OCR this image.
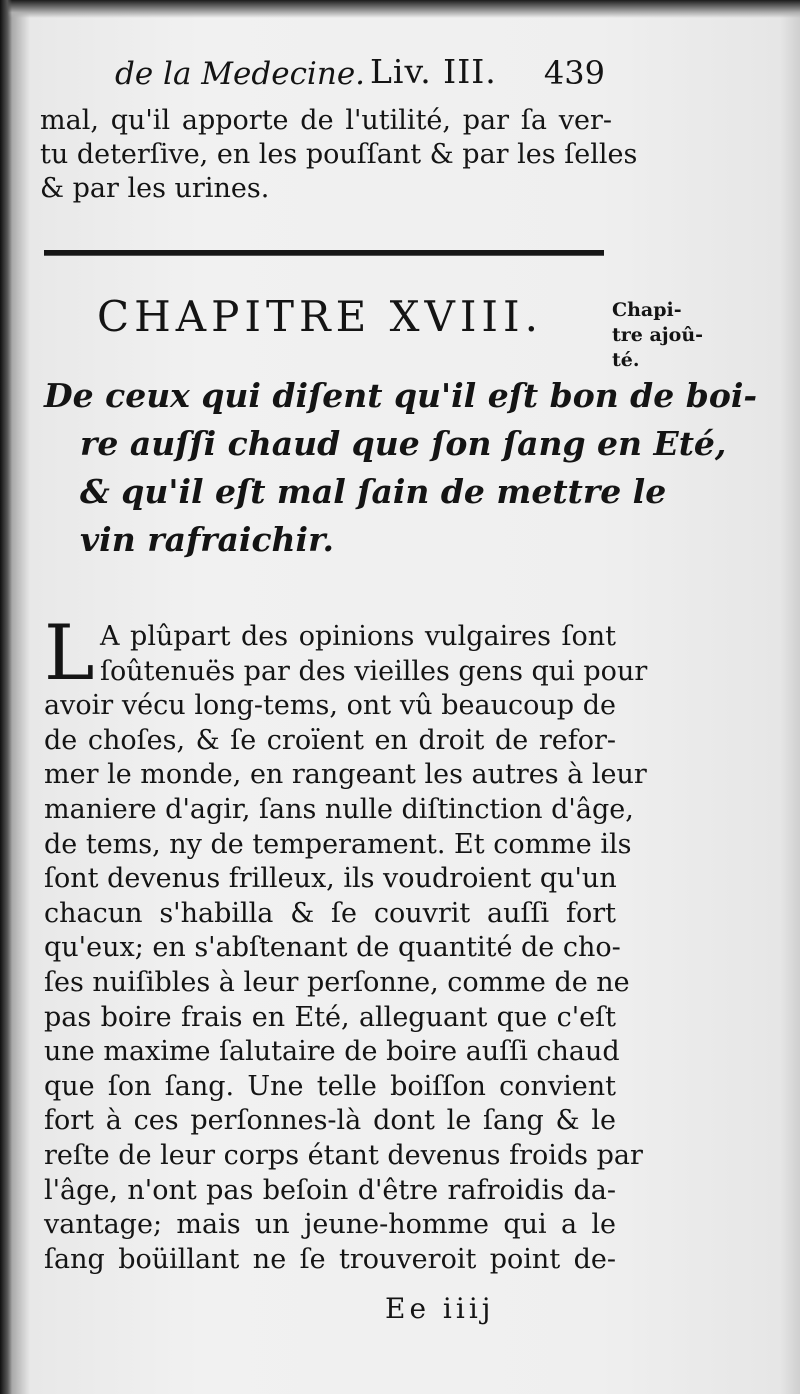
de la Medecine. Liv. III. 439
mal, qu'il apporte de l'utilité, par ſa ver-
tu deterſive, en les pouſſant & par les ſelles
& par les urines.
CHAPITRE XVIII.	Chapi-
tre ajoû-
té.
De ceux qui diſent qu'il eſt bon de boi-
re auſſi chaud que ſon ſang en Eté,
& qu'il eſt mal ſain de mettre le
vin rafraichir.
L A plûpart des opinions vulgaires ſont
ſoûtenuës par des vieilles gens qui pour
avoir vécu long-tems, ont vû beaucoup de
de choſes, & ſe croïent en droit de refor-
mer le monde, en rangeant les autres à leur
maniere d'agir, ſans nulle diſtinction d'âge,
de tems, ny de temperament. Et comme ils
ſont devenus frilleux, ils voudroient qu'un
chacun s'habilla & ſe couvrit auſſi fort
qu'eux; en s'abſtenant de quantité de cho-
ſes nuiſibles à leur perſonne, comme de ne
pas boire frais en Eté, alleguant que c'eſt
une maxime ſalutaire de boire auſſi chaud
que ſon ſang. Une telle boiſſon convient
fort à ces perſonnes-là dont le ſang & le
reſte de leur corps étant devenus froids par
l'âge, n'ont pas beſoin d'être rafroidis da-
vantage; mais un jeune-homme qui a le
ſang boüillant ne ſe trouveroit point de-
Ee iiij
